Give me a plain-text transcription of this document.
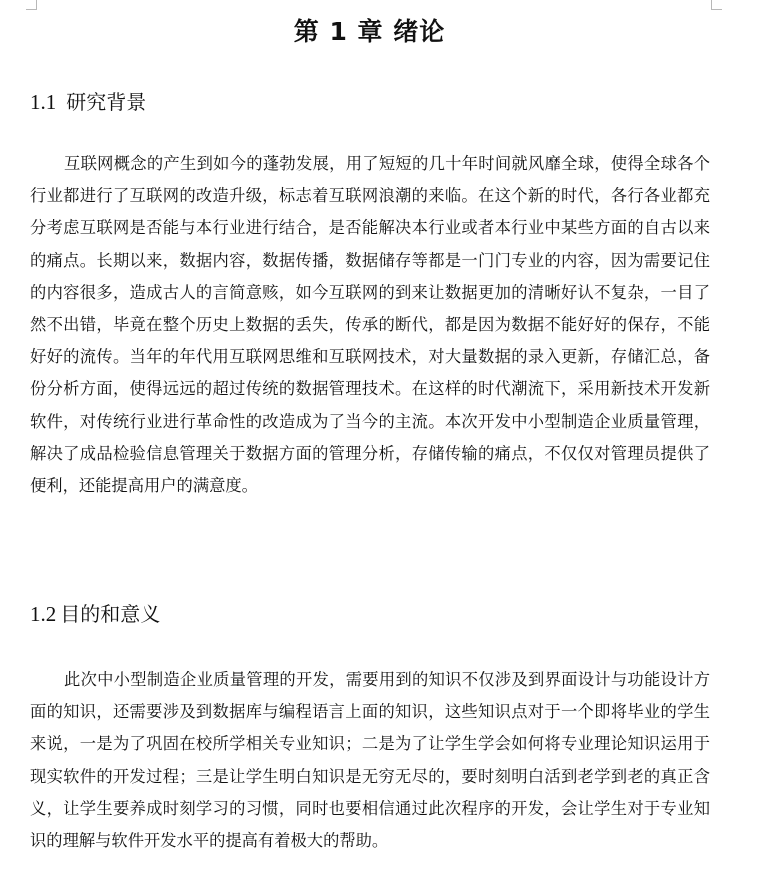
第 1 章 绪论
1.1 研究背景

互联网概念的产生到如今的蓬勃发展，用了短短的几十年时间就风靡全球，使得全球各个行业都进行了互联网的改造升级，标志着互联网浪潮的来临。在这个新的时代，各行各业都充分考虑互联网是否能与本行业进行结合，是否能解决本行业或者本行业中某些方面的自古以来的痛点。长期以来，数据内容，数据传播，数据储存等都是一门门专业的内容，因为需要记住的内容很多，造成古人的言简意赅，如今互联网的到来让数据更加的清晰好认不复杂，一目了然不出错，毕竟在整个历史上数据的丢失，传承的断代，都是因为数据不能好好的保存，不能好好的流传。当年的年代用互联网思维和互联网技术，对大量数据的录入更新，存储汇总，备份分析方面，使得远远的超过传统的数据管理技术。在这样的时代潮流下，采用新技术开发新软件，对传统行业进行革命性的改造成为了当今的主流。本次开发中小型制造企业质量管理，解决了成品检验信息管理关于数据方面的管理分析，存储传输的痛点，不仅仅对管理员提供了便利，还能提高用户的满意度。

1.2 目的和意义

此次中小型制造企业质量管理的开发，需要用到的知识不仅涉及到界面设计与功能设计方面的知识，还需要涉及到数据库与编程语言上面的知识，这些知识点对于一个即将毕业的学生来说，一是为了巩固在校所学相关专业知识；二是为了让学生学会如何将专业理论知识运用于现实软件的开发过程；三是让学生明白知识是无穷无尽的，要时刻明白活到老学到老的真正含义，让学生要养成时刻学习的习惯，同时也要相信通过此次程序的开发，会让学生对于专业知识的理解与软件开发水平的提高有着极大的帮助。
